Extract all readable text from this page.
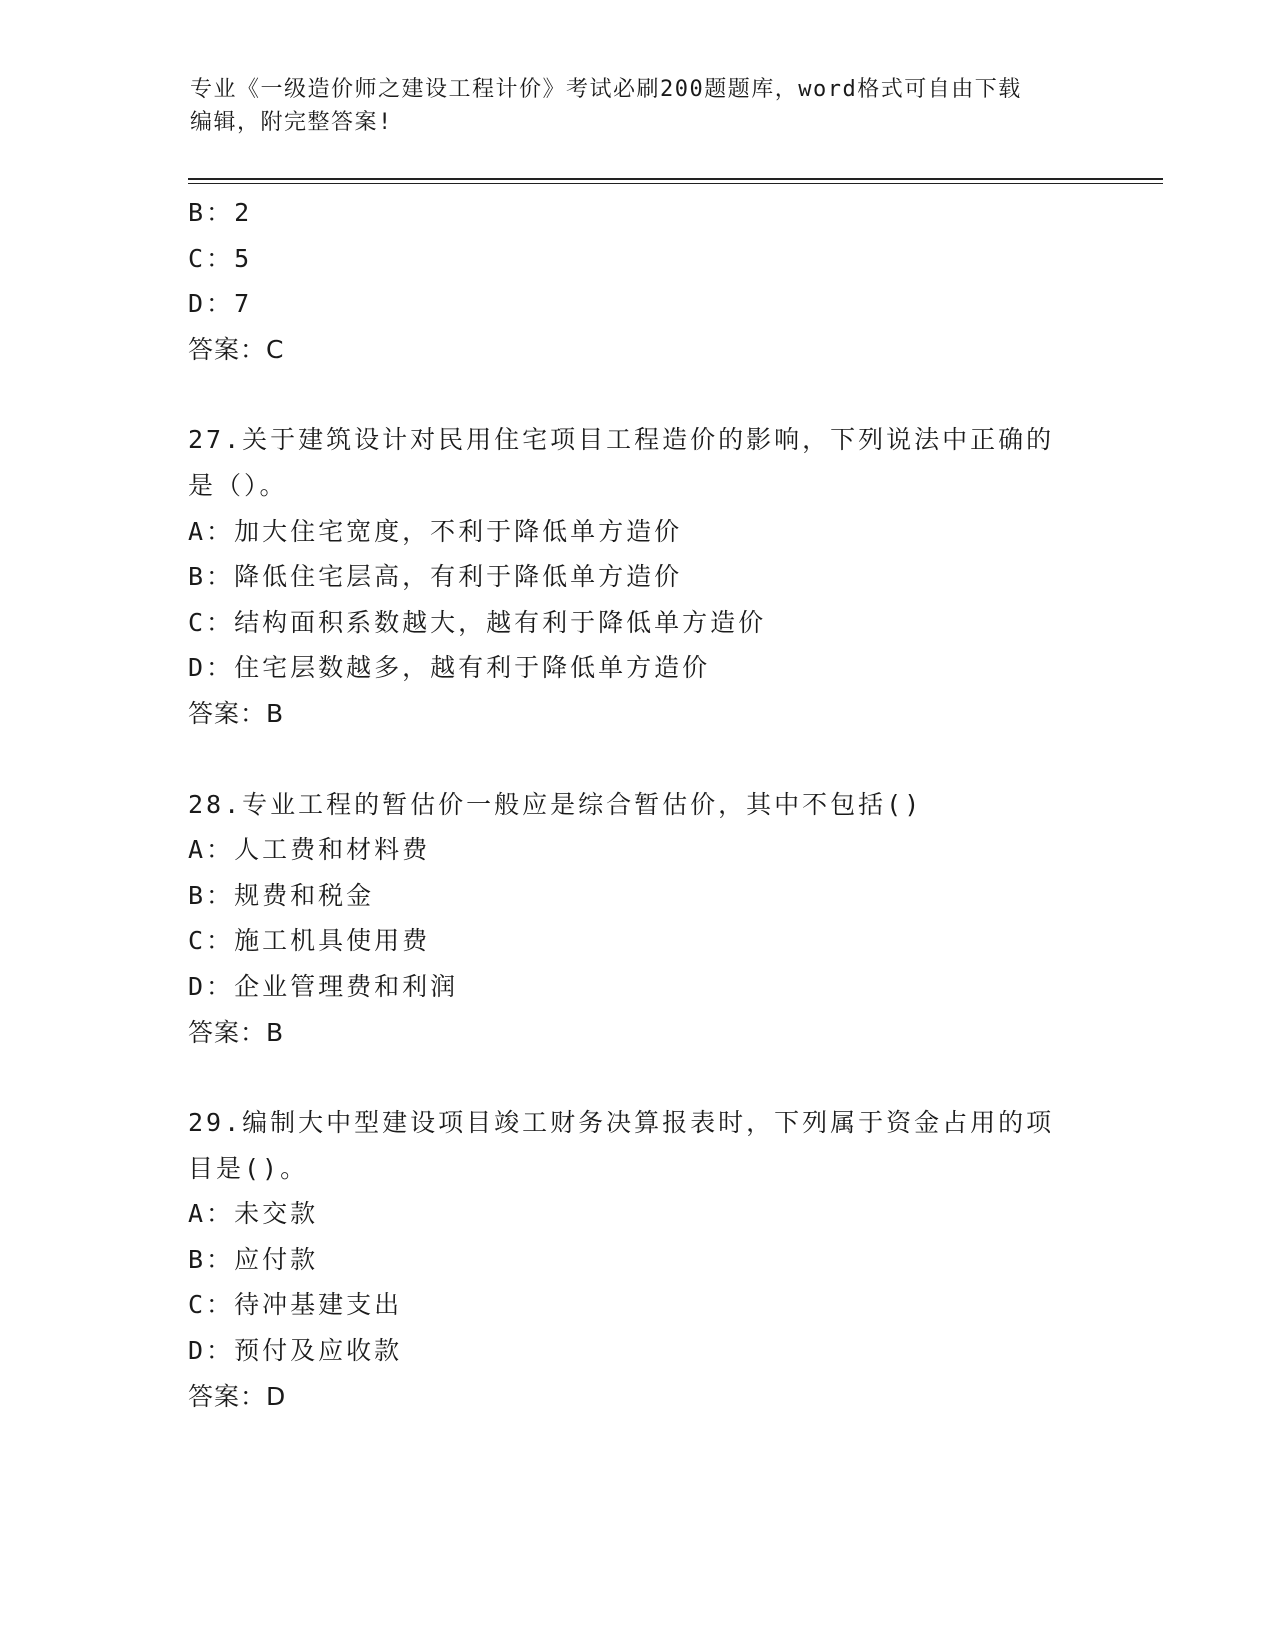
专业《一级造价师之建设工程计价》考试必刷200题题库，word格式可自由下载
编辑，附完整答案!
B：2
C：5
D：7
答案：C
27.关于建筑设计对民用住宅项目工程造价的影响，下列说法中正确的
是（）。
A：加大住宅宽度，不利于降低单方造价
B：降低住宅层高，有利于降低单方造价
C：结构面积系数越大，越有利于降低单方造价
D：住宅层数越多，越有利于降低单方造价
答案：B
28.专业工程的暂估价一般应是综合暂估价，其中不包括()
A：人工费和材料费
B：规费和税金
C：施工机具使用费
D：企业管理费和利润
答案：B
29.编制大中型建设项目竣工财务决算报表时，下列属于资金占用的项
目是()。
A：未交款
B：应付款
C：待冲基建支出
D：预付及应收款
答案：D
